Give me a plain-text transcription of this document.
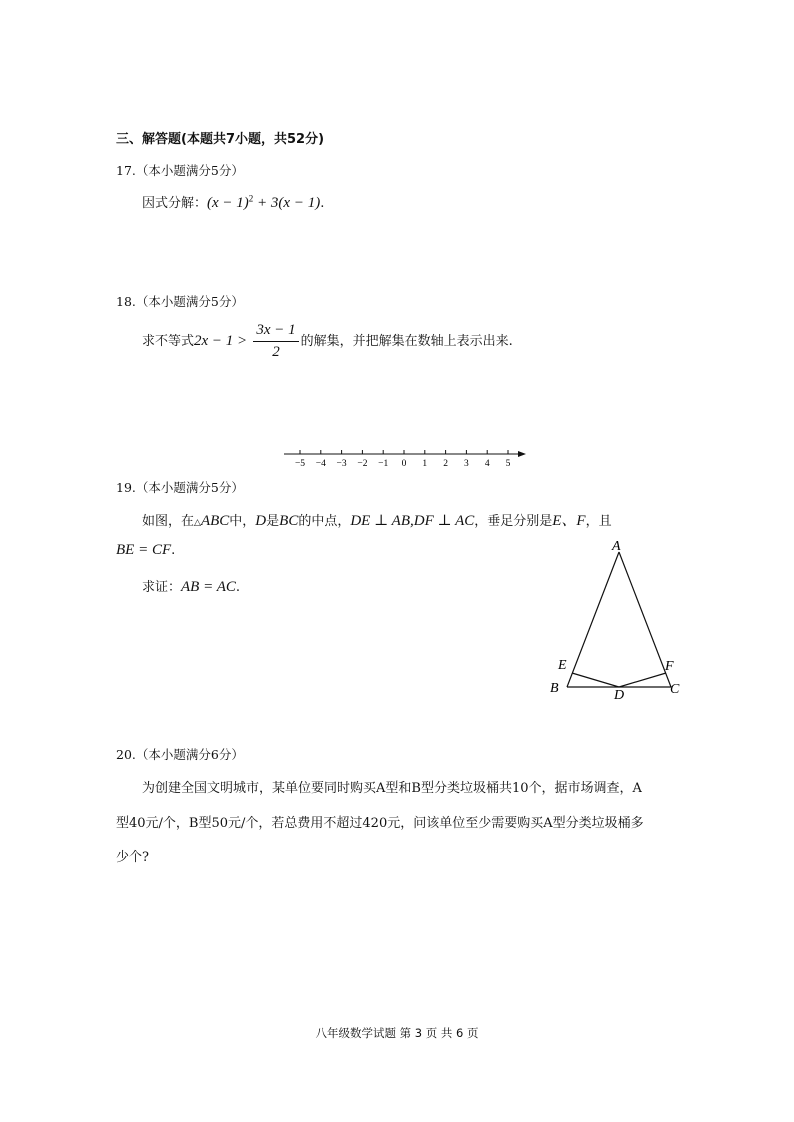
三、解答题(本题共7小题，共52分)
17.（本小题满分5分）
因式分解：$(x - 1)^2 + 3(x - 1)$.
18.（本小题满分5分）
求不等式$2x - 1 > \frac{3x - 1}{2}$ 的解集，并把解集在数轴上表示出来.
−5 −4 −3 −2 −1 0 1 2 3 4 5
19.（本小题满分5分）
如图，在△ABC中，D是BC的中点，DE ⊥ AB,DF ⊥ AC，垂足分别是E、F，且
BE = CF.
求证：AB = AC.
A
B	C
D
E	F
20.（本小题满分6分）
为创建全国文明城市，某单位要同时购买A型和B型分类垃圾桶共10个，据市场调查，A
型40元/个，B型50元/个，若总费用不超过420元，问该单位至少需要购买A型分类垃圾桶多
少个?
八年级数学试题 第 3 页 共 6 页
